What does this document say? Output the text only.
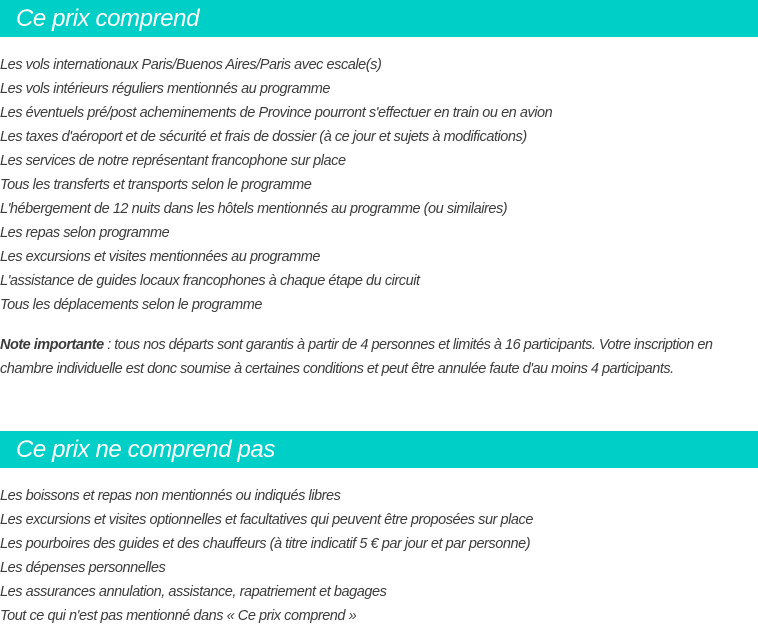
Ce prix comprend
Les vols internationaux Paris/Buenos Aires/Paris avec escale(s)
Les vols intérieurs réguliers mentionnés au programme
Les éventuels pré/post acheminements de Province pourront s'effectuer en train ou en avion
Les taxes d'aéroport et de sécurité et frais de dossier (à ce jour et sujets à modifications)
Les services de notre représentant francophone sur place
Tous les transferts et transports selon le programme
L'hébergement de 12 nuits dans les hôtels mentionnés au programme (ou similaires)
Les repas selon programme
Les excursions et visites mentionnées au programme
L'assistance de guides locaux francophones à chaque étape du circuit
Tous les déplacements selon le programme

Note importante : tous nos départs sont garantis à partir de 4 personnes et limités à 16 participants. Votre inscription en chambre individuelle est donc soumise à certaines conditions et peut être annulée faute d'au moins 4 participants.

Ce prix ne comprend pas
Les boissons et repas non mentionnés ou indiqués libres
Les excursions et visites optionnelles et facultatives qui peuvent être proposées sur place
Les pourboires des guides et des chauffeurs (à titre indicatif 5 € par jour et par personne)
Les dépenses personnelles
Les assurances annulation, assistance, rapatriement et bagages
Tout ce qui n'est pas mentionné dans « Ce prix comprend »
